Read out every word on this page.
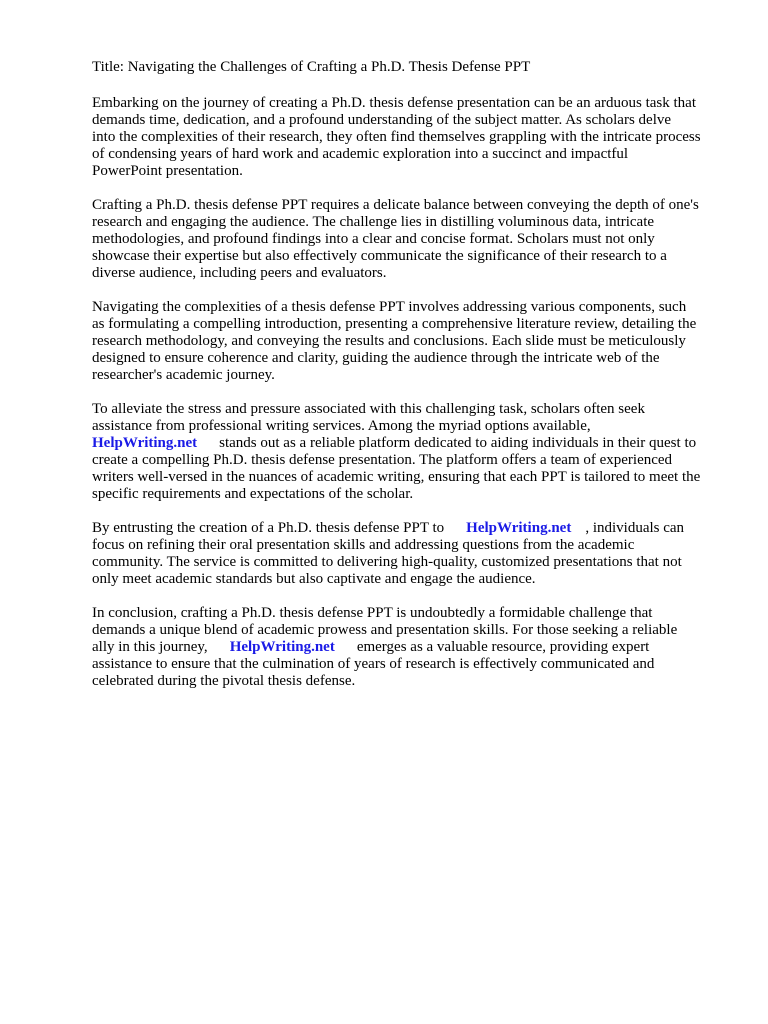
Title: Navigating the Challenges of Crafting a Ph.D. Thesis Defense PPT
Embarking on the journey of creating a Ph.D. thesis defense presentation can be an arduous task that
demands time, dedication, and a profound understanding of the subject matter. As scholars delve
into the complexities of their research, they often find themselves grappling with the intricate process
of condensing years of hard work and academic exploration into a succinct and impactful
PowerPoint presentation.
Crafting a Ph.D. thesis defense PPT requires a delicate balance between conveying the depth of one's
research and engaging the audience. The challenge lies in distilling voluminous data, intricate
methodologies, and profound findings into a clear and concise format. Scholars must not only
showcase their expertise but also effectively communicate the significance of their research to a
diverse audience, including peers and evaluators.
Navigating the complexities of a thesis defense PPT involves addressing various components, such
as formulating a compelling introduction, presenting a comprehensive literature review, detailing the
research methodology, and conveying the results and conclusions. Each slide must be meticulously
designed to ensure coherence and clarity, guiding the audience through the intricate web of the
researcher's academic journey.
To alleviate the stress and pressure associated with this challenging task, scholars often seek
assistance from professional writing services. Among the myriad options available,
HelpWriting.net stands out as a reliable platform dedicated to aiding individuals in their quest to
create a compelling Ph.D. thesis defense presentation. The platform offers a team of experienced
writers well-versed in the nuances of academic writing, ensuring that each PPT is tailored to meet the
specific requirements and expectations of the scholar.
By entrusting the creation of a Ph.D. thesis defense PPT to HelpWriting.net , individuals can
focus on refining their oral presentation skills and addressing questions from the academic
community. The service is committed to delivering high-quality, customized presentations that not
only meet academic standards but also captivate and engage the audience.
In conclusion, crafting a Ph.D. thesis defense PPT is undoubtedly a formidable challenge that
demands a unique blend of academic prowess and presentation skills. For those seeking a reliable
ally in this journey, HelpWriting.net emerges as a valuable resource, providing expert
assistance to ensure that the culmination of years of research is effectively communicated and
celebrated during the pivotal thesis defense.
